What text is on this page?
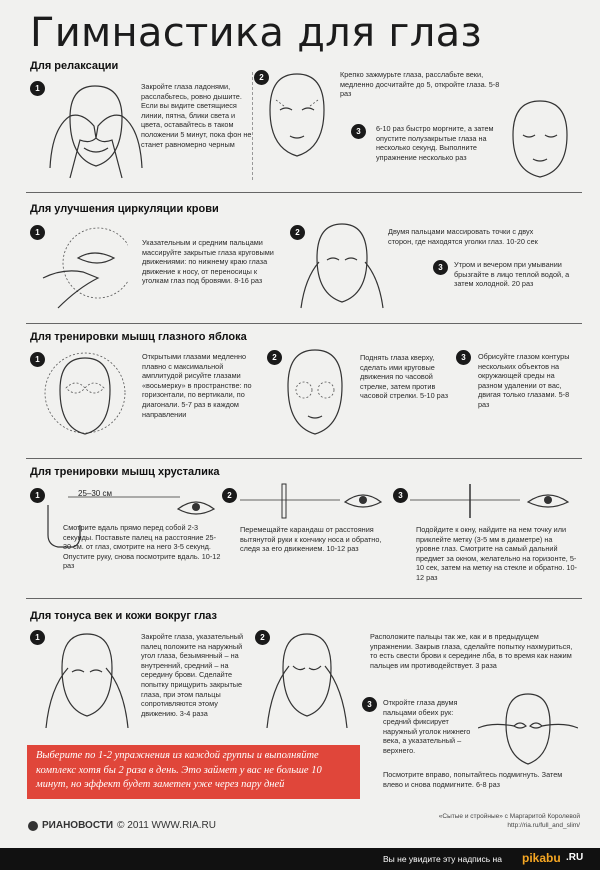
Гимнастика для глаз
Для релаксации
1	Закройте глаза ладонями, расслабьтесь, ровно дышите. Если вы видите светящиеся линии, пятна, блики света и цвета, оставайтесь в таком положении 5 минут, пока фон не станет равномерно черным
2	Крепко зажмурьте глаза, расслабьте веки, медленно досчитайте до 5, откройте глаза. 5-8 раз
3	6-10 раз быстро моргните, а затем опустите полузакрытые глаза на несколько секунд. Выполните упражнение несколько раз
Для улучшения циркуляции крови
1
Указательным и средним пальцами массируйте закрытые глаза круговыми движениями: по нижнему краю глаза движение к носу, от переносицы к уголкам глаз под бровями. 8-16 раз
2	Двумя пальцами массировать точки с двух сторон, где находятся уголки глаз. 10-20 сек
3	Утром и вечером при умывании брызгайте в лицо теплой водой, а затем холодной. 20 раз
Для тренировки мышц глазного яблока
1	Открытыми глазами медленно плавно с максимальной амплитудой рисуйте глазами «восьмерку» в пространстве: по горизонтали, по вертикали, по диагонали. 5-7 раз в каждом направлении
2	Поднять глаза кверху, сделать ими круговые движения по часовой стрелке, затем против часовой стрелки. 5-10 раз
3	Обрисуйте глазом контуры нескольких объектов на окружающей среды на разном удалении от вас, двигая только глазами. 5-8 раз
Для тренировки мышц хрусталика
1	25–30 см
Смотрите вдаль прямо перед собой 2-3 секунды. Поставьте палец на расстояние 25-30 см. от глаз, смотрите на него 3-5 секунд. Опустите руку, снова посмотрите вдаль. 10-12 раз
2
Перемещайте карандаш от расстояния вытянутой руки к кончику носа и обратно, следя за его движением. 10-12 раз
3
Подойдите к окну, найдите на нем точку или приклейте метку (3-5 мм в диаметре) на уровне глаз. Смотрите на самый дальний предмет за окном, желательно на горизонте, 5-10 сек, затем на метку на стекле и обратно. 10-12 раз
Для тонуса век и кожи вокруг глаз
1	Закройте глаза, указательный палец положите на наружный угол глаза, безымянный – на внутренний, средний – на середину брови. Сделайте попытку прищурить закрытые глаза, при этом пальцы сопротивляются этому движению. 3-4 раза
2	Расположите пальцы так же, как и в предыдущем упражнении. Закрыв глаза, сделайте попытку нахмуриться, то есть свести брови к середине лба, в то время как нажим пальцев им противодействует. 3 раза
3	Откройте глаза двумя пальцами обеих рук: средний фиксирует наружный уголок нижнего века, а указательный – верхнего.
Посмотрите вправо, попытайтесь подмигнуть. Затем влево и снова подмигните. 6-8 раз
Выберите по 1-2 упражнения из каждой группы и выполняйте комплекс хотя бы 2 раза в день. Это займет у вас не больше 10 минут, но эффект будет заметен уже через пару дней
РИАНОВОСТИ © 2011 WWW.RIA.RU
«Сытые и стройные» с Маргаритой Королевой
http://ria.ru/full_and_slim/
Вы не увидите эту надпись на pikabu .RU
